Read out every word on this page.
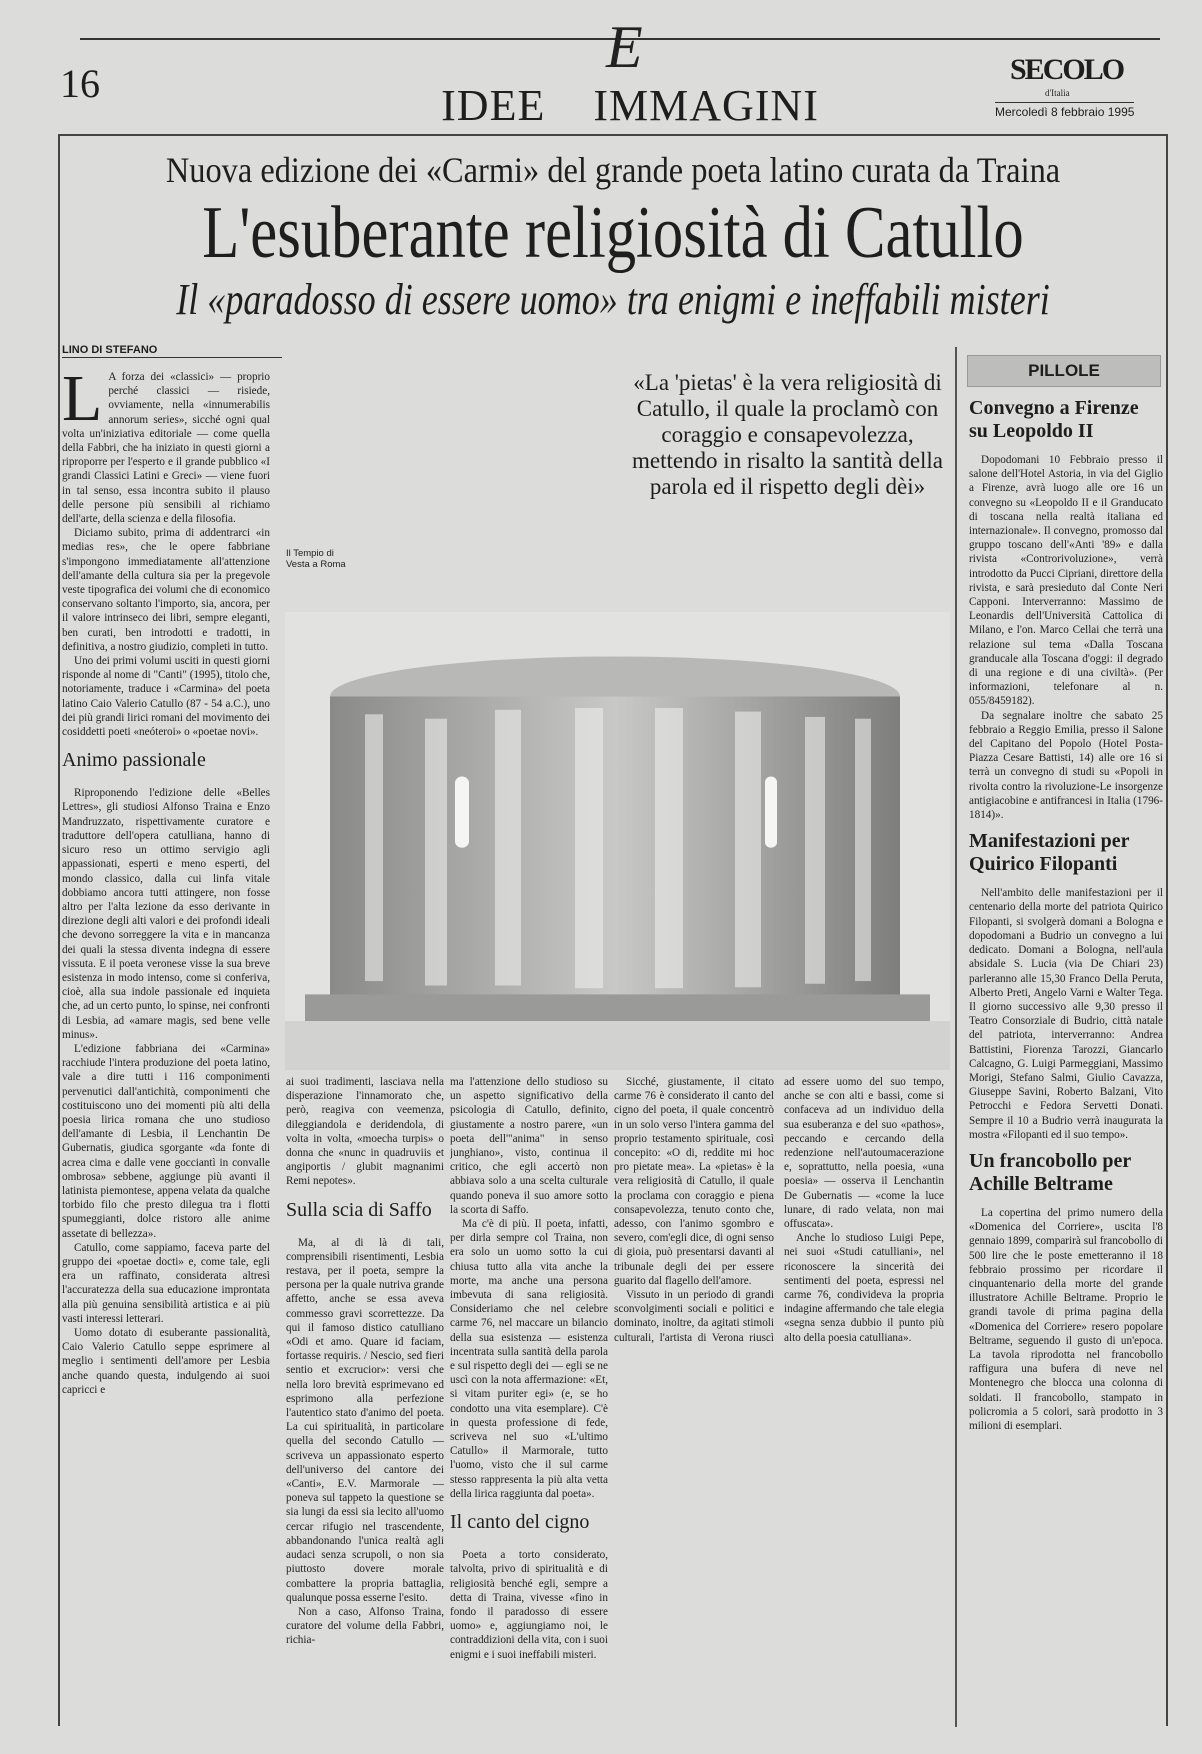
16
E
IDEE IMMAGINI
SECOLO
d'Italia
Mercoledì 8 febbraio 1995
Nuova edizione dei «Carmi» del grande poeta latino curata da Traina
L'esuberante religiosità di Catullo
Il «paradosso di essere uomo» tra enigmi e ineffabili misteri
LINO DI STEFANO

L A forza dei «classici» — proprio perché classici — risiede, ovviamente, nella «innumerabilis annorum series», sicché ogni qual volta un'iniziativa editoriale — come quella della Fabbri, che ha iniziato in questi giorni a riproporre per l'esperto e il grande pubblico «I grandi Classici Latini e Greci» — viene fuori in tal senso, essa incontra subito il plauso delle persone più sensibili al richiamo dell'arte, della scienza e della filosofia.

Diciamo subito, prima di addentrarci «in medias res», che le opere fabbriane s'impongono immediatamente all'attenzione dell'amante della cultura sia per la pregevole veste tipografica dei volumi che di economico conservano soltanto l'importo, sia, ancora, per il valore intrinseco dei libri, sempre eleganti, ben curati, ben introdotti e tradotti, in definitiva, a nostro giudizio, completi in tutto.

Uno dei primi volumi usciti in questi giorni risponde al nome di "Canti" (1995), titolo che, notoriamente, traduce i «Carmina» del poeta latino Caio Valerio Catullo (87 - 54 a.C.), uno dei più grandi lirici romani del movimento dei cosiddetti poeti «neóteroi» o «poetae novi».

Animo passionale

Riproponendo l'edizione delle «Belles Lettres», gli studiosi Alfonso Traina e Enzo Mandruzzato, rispettivamente curatore e traduttore dell'opera catulliana, hanno di sicuro reso un ottimo servigio agli appassionati, esperti e meno esperti, del mondo classico, dalla cui linfa vitale dobbiamo ancora tutti attingere, non fosse altro per l'alta lezione da esso derivante in direzione degli alti valori e dei profondi ideali che devono sorreggere la vita e in mancanza dei quali la stessa diventa indegna di essere vissuta. E il poeta veronese visse la sua breve esistenza in modo intenso, come si conferiva, cioè, alla sua indole passionale ed inquieta che, ad un certo punto, lo spinse, nei confronti di Lesbia, ad «amare magis, sed bene velle minus».

L'edizione fabbriana dei «Carmina» racchiude l'intera produzione del poeta latino, vale a dire tutti i 116 componimenti pervenutici dall'antichità, componimenti che costituiscono uno dei momenti più alti della poesia lirica romana che uno studioso dell'amante di Lesbia, il Lenchantin De Gubernatis, giudica sgorgante «da fonte di acrea cima e dalle vene gocciantì in convalle ombrosa» sebbene, aggiunge più avanti il latinista piemontese, appena velata da qualche torbido filo che presto dilegua tra i flotti spumeggianti, dolce ristoro alle anime assetate di bellezza».

Catullo, come sappiamo, faceva parte del gruppo dei «poetae docti» e, come tale, egli era un raffinato, considerata altresì l'accuratezza della sua educazione improntata alla più genuina sensibilità artistica e ai più vasti interessi letterari.

Uomo dotato di esuberante passionalità, Caio Valerio Catullo seppe esprimere al meglio i sentimenti dell'amore per Lesbia anche quando questa, indulgendo ai suoi capricci e

Il Tempio di Vesta a Roma
«La 'pietas' è la vera religiosità di Catullo, il quale la proclamò con coraggio e consapevolezza, mettendo in risalto la santità della parola ed il rispetto degli dèi»

ai suoi tradimenti, lasciava nella disperazione l'innamorato che, però, reagiva con veemenza, dileggiandola e deridendola, di volta in volta, «moecha turpis» o donna che «nunc in quadruviis et angiportis / glubit magnanimi Remi nepotes».

Sulla scia di Saffo

Ma, al di là di tali, comprensibili risentimenti, Lesbia restava, per il poeta, sempre la persona per la quale nutriva grande affetto, anche se essa aveva commesso gravi scorrettezze. Da qui il famoso distico catulliano «Odi et amo. Quare id faciam, fortasse requiris. / Nescio, sed fieri sentio et excrucior»: versi che nella loro brevità esprimevano ed esprimono alla perfezione l'autentico stato d'animo del poeta. La cui spiritualità, in particolare quella del secondo Catullo — scriveva un appassionato esperto dell'universo del cantore dei «Canti», E.V. Marmorale — poneva sul tappeto la questione se sia lungi da essi sia lecito all'uomo cercar rifugio nel trascendente, abbandonando l'unica realtà agli audaci senza scrupoli, o non sia piuttosto dovere morale combattere la propria battaglia, qualunque possa esserne l'esito.

Non a caso, Alfonso Traina, curatore del volume della Fabbri, richia-

ma l'attenzione dello studioso su un aspetto significativo della psicologia di Catullo, definito, giustamente a nostro parere, «un poeta dell'"anima" in senso junghiano», visto, continua il critico, che egli accertò non abbiava solo a una scelta culturale quando poneva il suo amore sotto la scorta di Saffo.

Ma c'è di più. Il poeta, infatti, per dirla sempre col Traina, non era solo un uomo sotto la cui chiusa tutto alla vita anche la morte, ma anche una persona imbevuta di sana religiosità. Consideriamo che nel celebre carme 76, nel maccare un bilancio della sua esistenza — esistenza incentrata sulla santità della parola e sul rispetto degli dei — egli se ne uscì con la nota affermazione: «Et, si vitam puriter egi» (e, se ho condotto una vita esemplare). C'è in questa professione di fede, scriveva nel suo «L'ultimo Catullo» il Marmorale, tutto l'uomo, visto che il sul carme stesso rappresenta la più alta vetta della lirica raggiunta dal poeta».

Il canto del cigno

Poeta a torto considerato, talvolta, privo di spiritualità e di religiosità benché egli, sempre a detta di Traina, vivesse «fino in fondo il paradosso di essere uomo» e, aggiungiamo noi, le contraddizioni della vita, con i suoi enigmi e i suoi ineffabili misteri.

Sicché, giustamente, il citato carme 76 è considerato il canto del cigno del poeta, il quale concentrò in un solo verso l'intera gamma del proprio testamento spirituale, così concepito: «O di, reddite mi hoc pro pietate mea». La «pietas» è la vera religiosità di Catullo, il quale la proclama con coraggio e piena consapevolezza, tenuto conto che, adesso, con l'animo sgombro e severo, com'egli dice, di ogni senso di gioia, può presentarsi davanti al tribunale degli dei per essere guarito dal flagello dell'amore.

Vissuto in un periodo di grandi sconvolgimenti sociali e politici e dominato, inoltre, da agitati stimoli culturali, l'artista di Verona riuscì ad essere uomo del suo tempo, anche se con alti e bassi, come si confaceva ad un individuo della sua esuberanza e del suo «pathos», peccando e cercando della redenzione nell'autoumacerazione e, soprattutto, nella poesia, «una poesia» — osserva il Lenchantin De Gubernatis — «come la luce lunare, di rado velata, non mai offuscata».

Anche lo studioso Luigi Pepe, nei suoi «Studi catulliani», nel riconoscere la sincerità dei sentimenti del poeta, espressi nel carme 76, condivideva la propria indagine affermando che tale elegia «segna senza dubbio il punto più alto della poesia catulliana».

PILLOLE
Convegno a Firenze su Leopoldo II

Dopodomani 10 Febbraio presso il salone dell'Hotel Astoria, in via del Giglio a Firenze, avrà luogo alle ore 16 un convegno su «Leopoldo II e il Granducato di toscana nella realtà italiana ed internazionale». Il convegno, promosso dal gruppo toscano dell'«Anti '89» e dalla rivista «Controrivoluzione», verrà introdotto da Pucci Cipriani, direttore della rivista, e sarà presieduto dal Conte Neri Capponi. Interverranno: Massimo de Leonardis dell'Università Cattolica di Milano, e l'on. Marco Cellai che terrà una relazione sul tema «Dalla Toscana granducale alla Toscana d'oggi: il degrado di una regione e di una civiltà». (Per informazioni, telefonare al n. 055/8459182).

Da segnalare inoltre che sabato 25 febbraio a Reggio Emilia, presso il Salone del Capitano del Popolo (Hotel Posta-Piazza Cesare Battisti, 14) alle ore 16 si terrà un convegno di studi su «Popoli in rivolta contro la rivoluzione-Le insorgenze antigiacobine e antifrancesi in Italia (1796-1814)».

Manifestazioni per Quirico Filopanti

Nell'ambito delle manifestazioni per il centenario della morte del patriota Quirico Filopanti, si svolgerà domani a Bologna e dopodomani a Budrio un convegno a lui dedicato. Domani a Bologna, nell'aula absidale S. Lucia (via De Chiari 23) parleranno alle 15,30 Franco Della Peruta, Alberto Preti, Angelo Varni e Walter Tega. Il giorno successivo alle 9,30 presso il Teatro Consorziale di Budrio, città natale del patriota, interverranno: Andrea Battistini, Fiorenza Tarozzi, Giancarlo Calcagno, G. Luigi Parmeggiani, Massimo Morigi, Stefano Salmi, Giulio Cavazza, Giuseppe Savini, Roberto Balzani, Vito Petrocchi e Fedora Servetti Donati. Sempre il 10 a Budrio verrà inaugurata la mostra «Filopanti ed il suo tempo».

Un francobollo per Achille Beltrame

La copertina del primo numero della «Domenica del Corriere», uscita l'8 gennaio 1899, comparirà sul francobollo di 500 lire che le poste emetteranno il 18 febbraio prossimo per ricordare il cinquantenario della morte del grande illustratore Achille Beltrame. Proprio le grandi tavole di prima pagina della «Domenica del Corriere» resero popolare Beltrame, seguendo il gusto di un'epoca. La tavola riprodotta nel francobollo raffigura una bufera di neve nel Montenegro che blocca una colonna di soldati. Il francobollo, stampato in policromia a 5 colori, sarà prodotto in 3 milioni di esemplari.
